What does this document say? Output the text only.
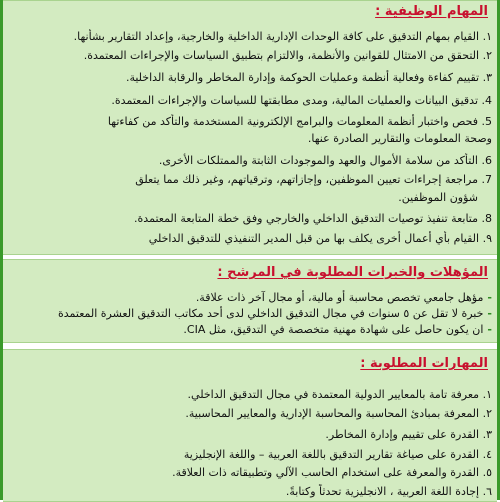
المهام الوظيفية :
١. القيام بمهام التدقيق على كافة الوحدات الإدارية الداخلية والخارجية، وإعداد التقارير بشأنها.
٢. التحقق من الامتثال للقوانين والأنظمة، والالتزام بتطبيق السياسات والإجراءات المعتمدة.
٣. تقييم كفاءة وفعالية أنظمة وعمليات الحوكمة وإدارة المخاطر والرقابة الداخلية.
4. تدقيق البيانات والعمليات المالية، ومدى مطابقتها للسياسات والإجراءات المعتمدة.
5. فحص واختبار أنظمة المعلومات والبرامج الإلكترونية المستخدمة والتأكد من كفاءتها
وصحة المعلومات والتقارير الصادرة عنها.
6. التأكد من سلامة الأموال والعهد والموجودات الثابتة والممتلكات الأخرى.
7. مراجعة إجراءات تعيين الموظفين، وإجازاتهم، وترقياتهم، وغير ذلك مما يتعلق
شؤون الموظفين.
8. متابعة تنفيذ توصيات التدقيق الداخلي والخارجي وفق خطة المتابعة المعتمدة.
٩. القيام بأي أعمال أخرى يكلف بها من قبل المدير التنفيذي للتدقيق الداخلي
المؤهلات والخبرات المطلوبة في المرشح :
-مؤهل جامعي تخصص محاسبة أو مالية، أو مجال آخر ذات علاقة.
-خبرة لا تقل عن ٥ سنوات في مجال التدقيق الداخلي لدى أحد مكاتب التدقيق العشرة المعتمدة
-ان يكون حاصل على شهادة مهنية متخصصة في التدقيق، مثل CIA.
المهارات المطلوبة :
١. معرفة تامة بالمعايير الدولية المعتمدة في مجال التدقيق الداخلي.
٢. المعرفة بمبادئ المحاسبة والمحاسبة الإدارية والمعايير المحاسبية.
٣. القدرة على تقييم وإدارة المخاطر.
٤. القدرة على صياغة تقارير التدقيق باللغة العربية – واللغة الإنجليزية
٥. القدرة والمعرفة على استخدام الحاسب الآلي وتطبيقاته ذات العلاقة.
٦. إجادة اللغة العربية ، الانجليزية تحدثاً وكتابةً.
